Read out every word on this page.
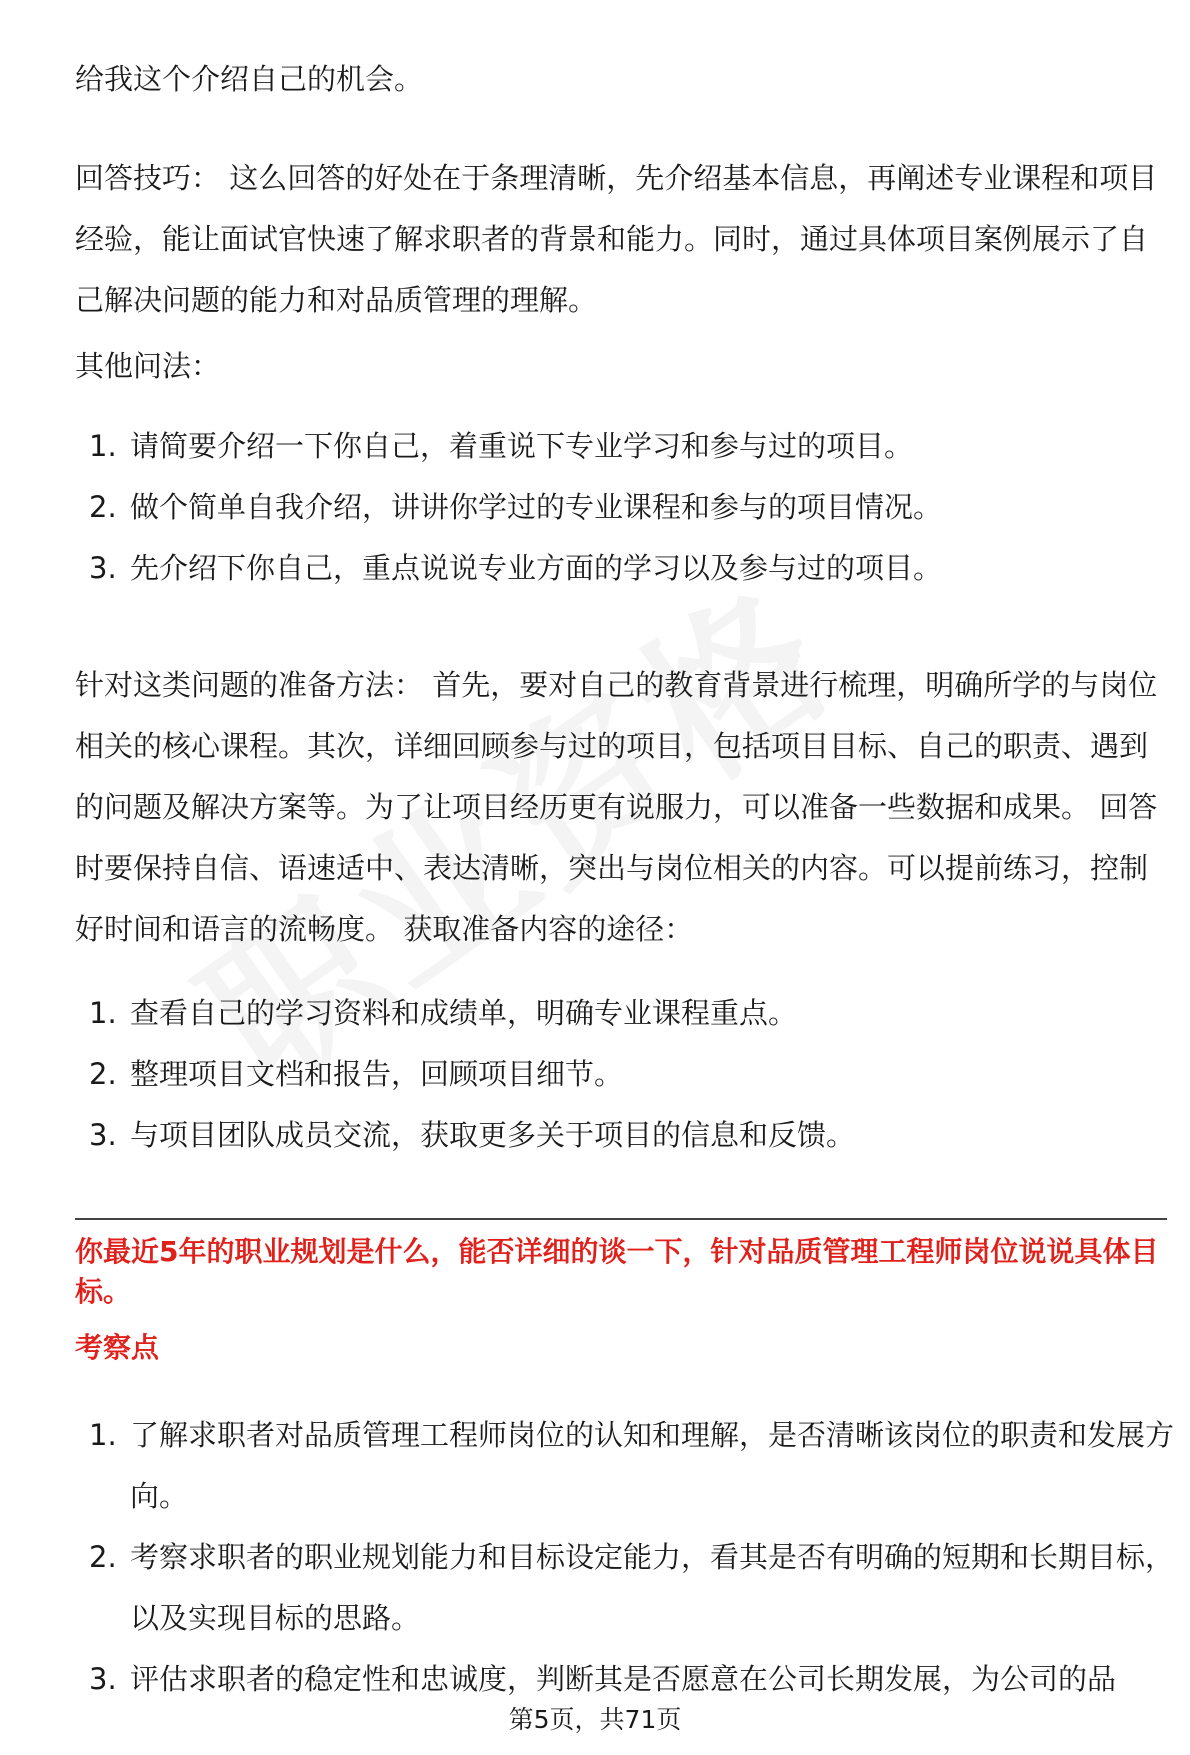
给我这个介绍自己的机会。

回答技巧： 这么回答的好处在于条理清晰，先介绍基本信息，再阐述专业课程和项目经验，能让面试官快速了解求职者的背景和能力。同时，通过具体项目案例展示了自己解决问题的能力和对品质管理的理解。

其他问法：

1. 请简要介绍一下你自己，着重说下专业学习和参与过的项目。
2. 做个简单自我介绍，讲讲你学过的专业课程和参与的项目情况。
3. 先介绍下你自己，重点说说专业方面的学习以及参与过的项目。

针对这类问题的准备方法： 首先，要对自己的教育背景进行梳理，明确所学的与岗位相关的核心课程。其次，详细回顾参与过的项目，包括项目目标、自己的职责、遇到的问题及解决方案等。为了让项目经历更有说服力，可以准备一些数据和成果。 回答时要保持自信、语速适中、表达清晰，突出与岗位相关的内容。可以提前练习，控制好时间和语言的流畅度。 获取准备内容的途径：

1. 查看自己的学习资料和成绩单，明确专业课程重点。
2. 整理项目文档和报告，回顾项目细节。
3. 与项目团队成员交流，获取更多关于项目的信息和反馈。

你最近5年的职业规划是什么，能否详细的谈一下，针对品质管理工程师岗位说说具体目标。

考察点

1. 了解求职者对品质管理工程师岗位的认知和理解，是否清晰该岗位的职责和发展方向。
2. 考察求职者的职业规划能力和目标设定能力，看其是否有明确的短期和长期目标，以及实现目标的思路。
3. 评估求职者的稳定性和忠诚度，判断其是否愿意在公司长期发展，为公司的品
第5页，共71页
